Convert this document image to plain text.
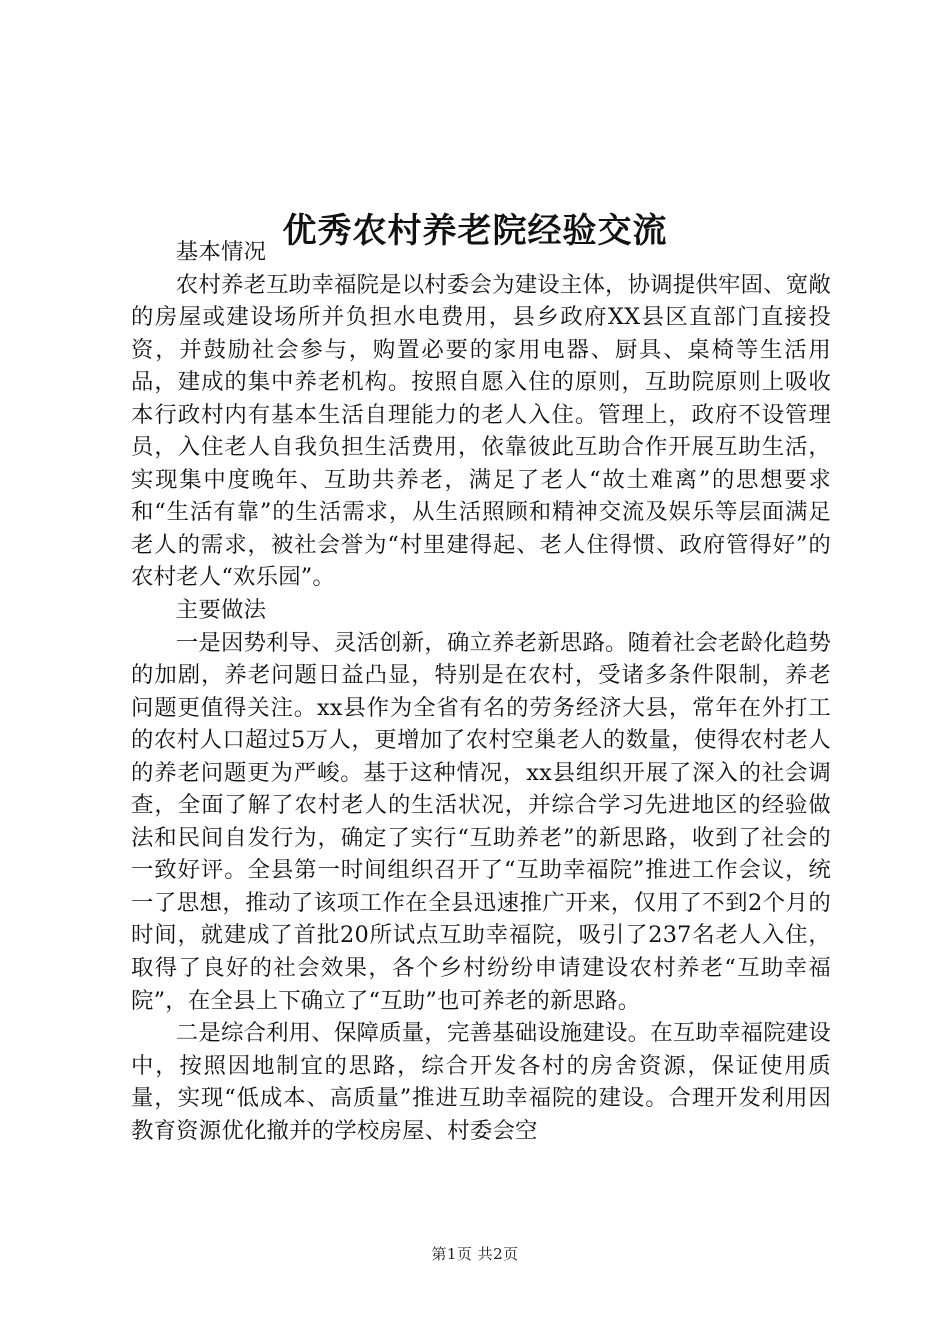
优秀农村养老院经验交流

基本情况

农村养老互助幸福院是以村委会为建设主体，协调提供牢固、宽敞的房屋或建设场所并负担水电费用，县乡政府XX县区直部门直接投资，并鼓励社会参与，购置必要的家用电器、厨具、桌椅等生活用品，建成的集中养老机构。按照自愿入住的原则，互助院原则上吸收本行政村内有基本生活自理能力的老人入住。管理上，政府不设管理员，入住老人自我负担生活费用，依靠彼此互助合作开展互助生活，实现集中度晚年、互助共养老，满足了老人“故土难离”的思想要求和“生活有靠”的生活需求，从生活照顾和精神交流及娱乐等层面满足老人的需求，被社会誉为“村里建得起、老人住得惯、政府管得好”的农村老人“欢乐园”。

主要做法

一是因势利导、灵活创新，确立养老新思路。随着社会老龄化趋势的加剧，养老问题日益凸显，特别是在农村，受诸多条件限制，养老问题更值得关注。xx县作为全省有名的劳务经济大县，常年在外打工的农村人口超过5万人，更增加了农村空巢老人的数量，使得农村老人的养老问题更为严峻。基于这种情况，xx县组织开展了深入的社会调查，全面了解了农村老人的生活状况，并综合学习先进地区的经验做法和民间自发行为，确定了实行“互助养老”的新思路，收到了社会的一致好评。全县第一时间组织召开了“互助幸福院”推进工作会议，统一了思想，推动了该项工作在全县迅速推广开来，仅用了不到2个月的时间，就建成了首批20所试点互助幸福院，吸引了237名老人入住，取得了良好的社会效果，各个乡村纷纷申请建设农村养老“互助幸福院”，在全县上下确立了“互助”也可养老的新思路。

二是综合利用、保障质量，完善基础设施建设。在互助幸福院建设中，按照因地制宜的思路，综合开发各村的房舍资源，保证使用质量，实现“低成本、高质量”推进互助幸福院的建设。合理开发利用因教育资源优化撤并的学校房屋、村委会空

第1页 共2页
